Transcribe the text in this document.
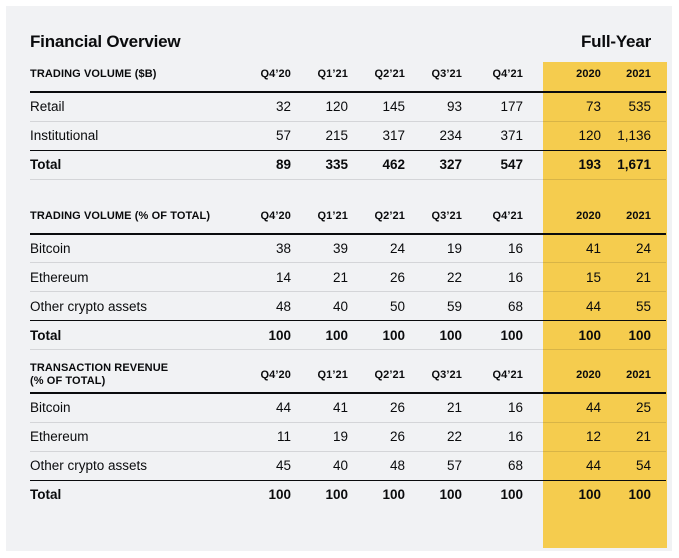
Financial Overview	Full-Year
TRADING VOLUME ($B)	Q4’20	Q1’21	Q2’21	Q3’21	Q4’21	2020	2021
Retail	32	120	145	93	177	73	535
Institutional	57	215	317	234	371	120	1,136
Total	89	335	462	327	547	193	1,671
TRADING VOLUME (% OF TOTAL)	Q4’20	Q1’21	Q2’21	Q3’21	Q4’21	2020	2021
Bitcoin	38	39	24	19	16	41	24
Ethereum	14	21	26	22	16	15	21
Other crypto assets	48	40	50	59	68	44	55
Total	100	100	100	100	100	100	100
TRANSACTION REVENUE
(% OF TOTAL)	Q4’20	Q1’21	Q2’21	Q3’21	Q4’21	2020	2021
Bitcoin	44	41	26	21	16	44	25
Ethereum	11	19	26	22	16	12	21
Other crypto assets	45	40	48	57	68	44	54
Total	100	100	100	100	100	100	100
